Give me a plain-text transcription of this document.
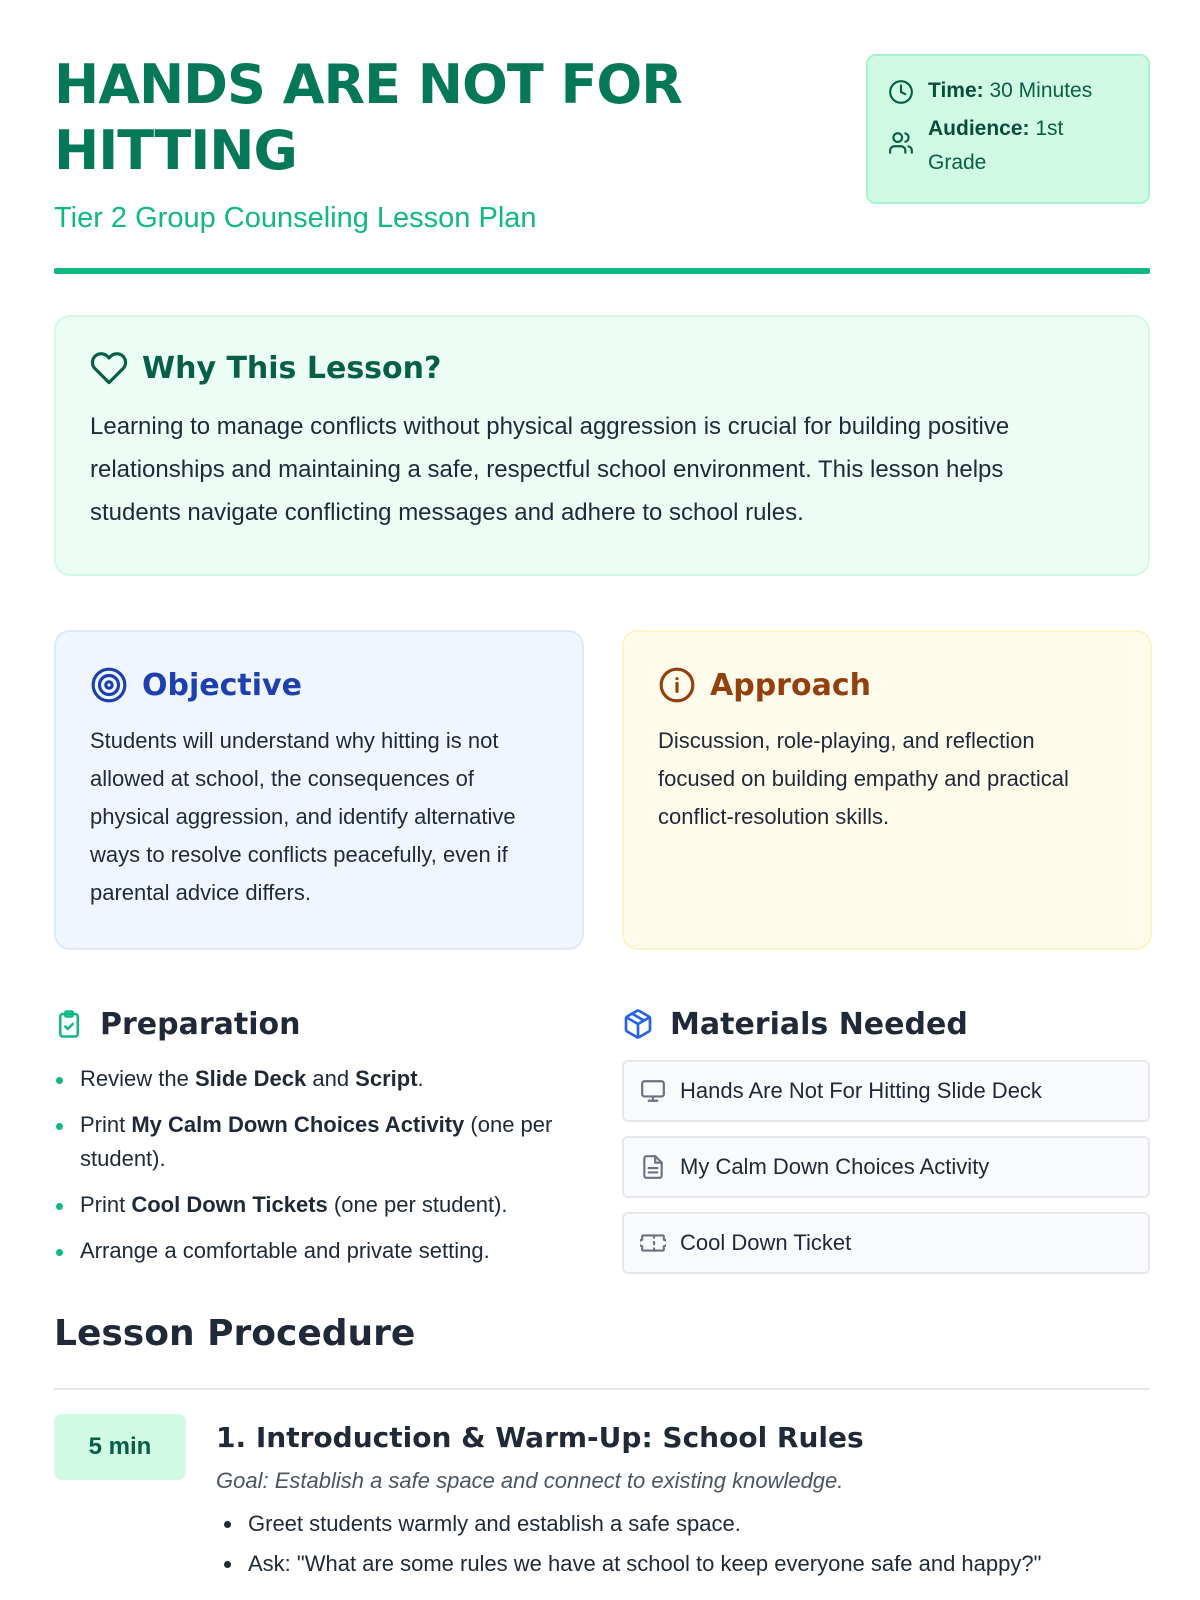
HANDS ARE NOT FOR HITTING
Tier 2 Group Counseling Lesson Plan
Time: 30 Minutes
Audience: 1st Grade
Why This Lesson?

Learning to manage conflicts without physical aggression is crucial for building positive relationships and maintaining a safe, respectful school environment. This lesson helps students navigate conflicting messages and adhere to school rules.

Objective

Students will understand why hitting is not allowed at school, the consequences of physical aggression, and identify alternative ways to resolve conflicts peacefully, even if parental advice differs.

Approach

Discussion, role-playing, and reflection focused on building empathy and practical conflict-resolution skills.

Preparation
Review the Slide Deck and Script.
Print My Calm Down Choices Activity (one per student).
Print Cool Down Tickets (one per student).
Arrange a comfortable and private setting.
Materials Needed
Hands Are Not For Hitting Slide Deck
My Calm Down Choices Activity
Cool Down Ticket
Lesson Procedure
5 min	1. Introduction & Warm-Up: School Rules
Goal: Establish a safe space and connect to existing knowledge.
Greet students warmly and establish a safe space.
Ask: "What are some rules we have at school to keep everyone safe and happy?"
